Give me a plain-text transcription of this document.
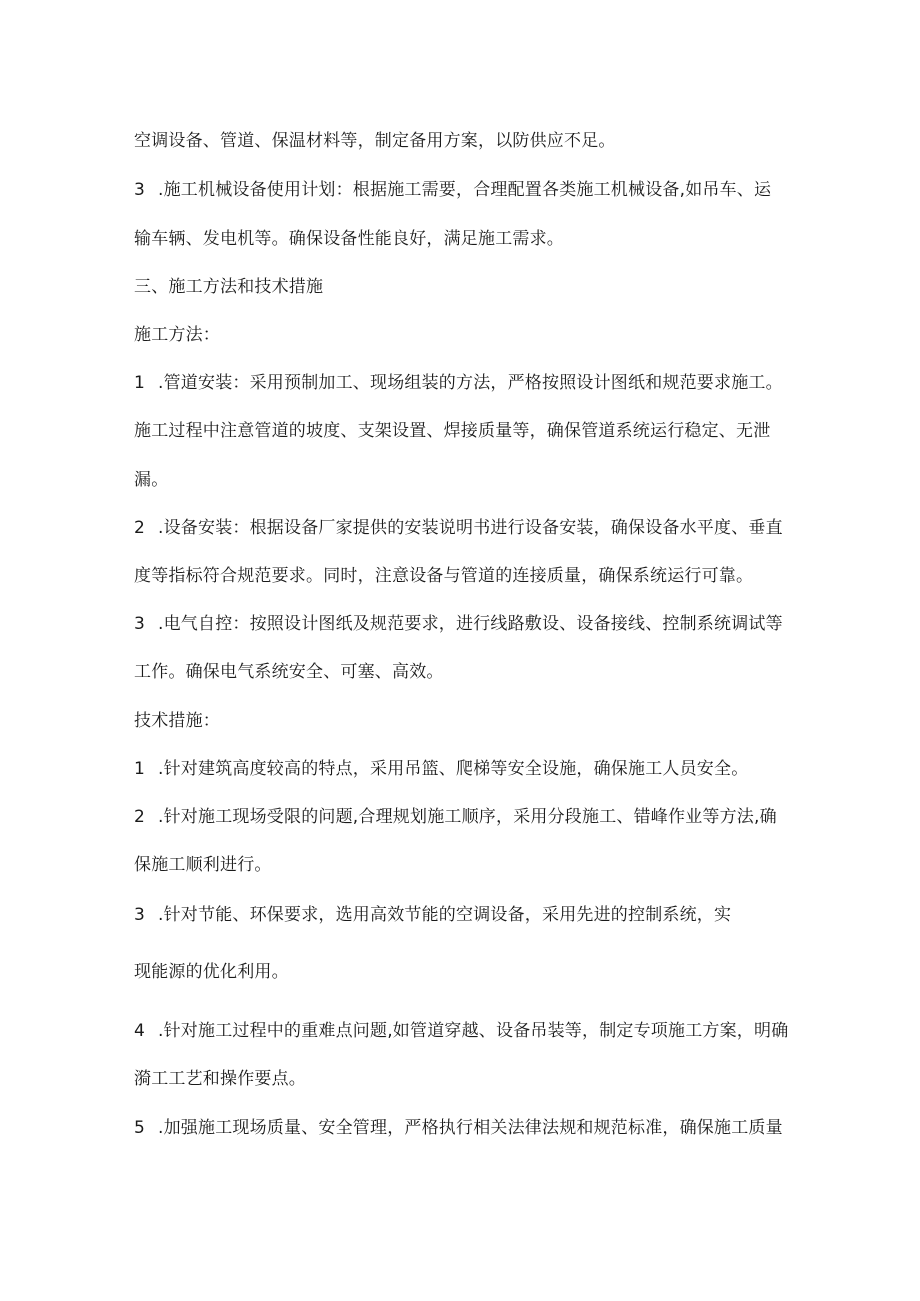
空调设备、管道、保温材料等，制定备用方案，以防供应不足。
3 .施工机械设备使用计划：根据施工需要，合理配置各类施工机械设备,如吊车、运
输车辆、发电机等。确保设备性能良好，满足施工需求。
三、施工方法和技术措施
施工方法：
1 .管道安装：采用预制加工、现场组装的方法，严格按照设计图纸和规范要求施工。
施工过程中注意管道的坡度、支架设置、焊接质量等，确保管道系统运行稳定、无泄
漏。
2 .设备安装：根据设备厂家提供的安装说明书进行设备安装，确保设备水平度、垂直
度等指标符合规范要求。同时，注意设备与管道的连接质量，确保系统运行可靠。
3 .电气自控：按照设计图纸及规范要求，进行线路敷设、设备接线、控制系统调试等
工作。确保电气系统安全、可塞、高效。
技术措施：
1 .针对建筑高度较高的特点，采用吊篮、爬梯等安全设施，确保施工人员安全。
2 .针对施工现场受限的问题,合理规划施工顺序，采用分段施工、错峰作业等方法,确
保施工顺利进行。
3 .针对节能、环保要求，选用高效节能的空调设备，采用先进的控制系统，实
现能源的优化利用。
4 .针对施工过程中的重难点问题,如管道穿越、设备吊装等，制定专项施工方案，明确
漪工工艺和操作要点。
5 .加强施工现场质量、安全管理，严格执行相关法律法规和规范标准，确保施工质量
